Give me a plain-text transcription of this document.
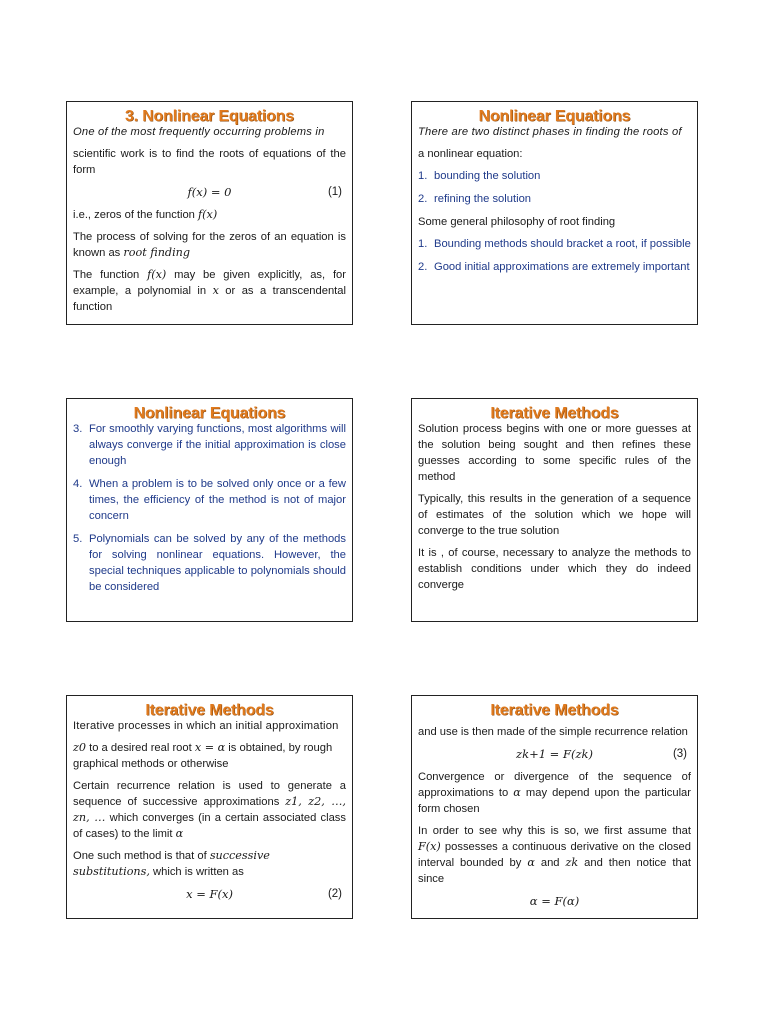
3. Nonlinear Equations

One of the most frequently occurring problems in

scientific work is to find the roots of equations of the form

f(x) = 0	(1)

i.e., zeros of the function f(x)

The process of solving for the zeros of an equation is known as root finding

The function f(x) may be given explicitly, as, for example, a polynomial in x or as a transcendental function

Nonlinear Equations

There are two distinct phases in finding the roots of

a nonlinear equation:

1. bounding the solution
2. refining the solution

Some general philosophy of root finding

1. Bounding methods should bracket a root, if possible
2. Good initial approximations are extremely important
Nonlinear Equations
3. For smoothly varying functions, most algorithms will always converge if the initial approximation is close enough
4. When a problem is to be solved only once or a few times, the efficiency of the method is not of major concern
5. Polynomials can be solved by any of the methods for solving nonlinear equations. However, the special techniques applicable to polynomials should be considered
Iterative Methods

Solution process begins with one or more guesses at the solution being sought and then refines these guesses according to some specific rules of the method

Typically, this results in the generation of a sequence of estimates of the solution which we hope will converge to the true solution

It is , of course, necessary to analyze the methods to establish conditions under which they do indeed converge

Iterative Methods

Iterative processes in which an initial approximation

z0 to a desired real root x = α is obtained, by rough graphical methods or otherwise

Certain recurrence relation is used to generate a sequence of successive approximations z1, z2, …, zn, … which converges (in a certain associated class of cases) to the limit α

One such method is that of successive substitutions, which is written as

x = F(x)	(2)
Iterative Methods

and use is then made of the simple recurrence relation

zk+1 = F(zk)	(3)

Convergence or divergence of the sequence of approximations to α may depend upon the particular form chosen

In order to see why this is so, we first assume that F(x) possesses a continuous derivative on the closed interval bounded by α and zk and then notice that since

α = F(α)
